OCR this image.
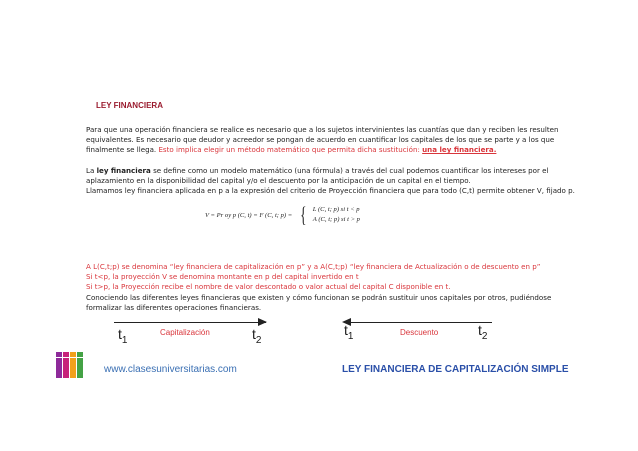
LEY FINANCIERA
Para que una operación financiera se realice es necesario que a los sujetos intervinientes las cuantías que dan y reciben les resulten equivalentes. Es necesario que deudor y acreedor se pongan de acuerdo en cuantificar los capitales de los que se parte y a los que finalmente se llega. Esto implica elegir un método matemático que permita dicha sustitución: una ley financiera.
La ley financiera se define como un modelo matemático (una fórmula) a través del cual podemos cuantificar los intereses por el aplazamiento en la disponibilidad del capital y/o el descuento por la anticipación de un capital en el tiempo.
Llamamos ley financiera aplicada en p a la expresión del criterio de Proyección financiera que para todo (C,t) permite obtener V, fijado p.
V = Pr oy p (C, t) = F (C, t; p) = { L (C, t; p) si t < p
A (C, t; p) si t > p
A L(C,t;p) se denomina “ley financiera de capitalización en p” y a A(C,t;p) “ley financiera de Actualización o de descuento en p”
Si t<p, la proyección V se denomina montante en p del capital invertido en t
Si t>p, la Proyección recibe el nombre de valor descontado o valor actual del capital C disponible en t.
Conociendo las diferentes leyes financieras que existen y cómo funcionan se podrán sustituir unos capitales por otros, pudiéndose formalizar las diferentes operaciones financieras.
$t_1$
Capitalización	$t_2$
$t_1$	Descuento	$t_2$
www.clasesuniversitarias.com	LEY FINANCIERA DE CAPITALIZACIÓN SIMPLE
